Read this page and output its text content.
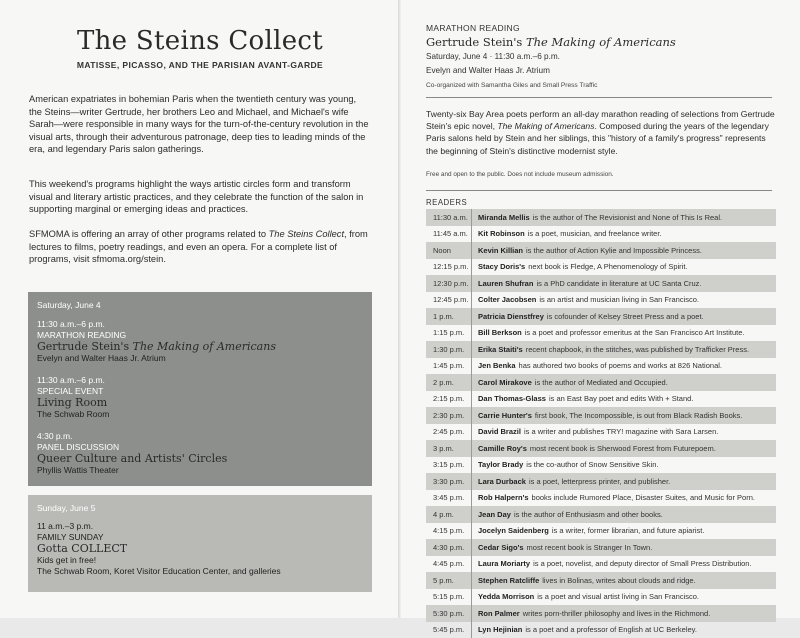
The Steins Collect
MATISSE, PICASSO, AND THE PARISIAN AVANT-GARDE

American expatriates in bohemian Paris when the twentieth century was young, the Steins—writer Gertrude, her brothers Leo and Michael, and Michael's wife Sarah—were responsible in many ways for the turn-of-the-century revolution in the visual arts, through their adventurous patronage, deep ties to leading minds of the era, and legendary Paris salon gatherings.

This weekend's programs highlight the ways artistic circles form and transform visual and literary artistic practices, and they celebrate the function of the salon in supporting marginal or emerging ideas and practices.

SFMOMA is offering an array of other programs related to The Steins Collect, from lectures to films, poetry readings, and even an opera. For a complete list of programs, visit sfmoma.org/stein.

Saturday, June 4
11:30 a.m.–6 p.m.
MARATHON READING
Gertrude Stein's The Making of Americans
Evelyn and Walter Haas Jr. Atrium
11:30 a.m.–6 p.m.
SPECIAL EVENT
Living Room
The Schwab Room
4:30 p.m.
PANEL DISCUSSION
Queer Culture and Artists' Circles
Phyllis Wattis Theater
Sunday, June 5
11 a.m.–3 p.m.
FAMILY SUNDAY
Gotta COLLECT
Kids get in free!
The Schwab Room, Koret Visitor Education Center, and galleries
MARATHON READING
Gertrude Stein's The Making of Americans
Saturday, June 4 · 11:30 a.m.–6 p.m.
Evelyn and Walter Haas Jr. Atrium
Co-organized with Samantha Giles and Small Press Traffic

Twenty-six Bay Area poets perform an all-day marathon reading of selections from Gertrude Stein's epic novel, The Making of Americans. Composed during the years of the legendary Paris salons held by Stein and her siblings, this "history of a family's progress" represents the beginning of Stein's distinctive modernist style.

Free and open to the public. Does not include museum admission.
READERS
11:30 a.m.	Miranda Mellis is the author of The Revisionist and None of This Is Real.
11:45 a.m.	Kit Robinson is a poet, musician, and freelance writer.
Noon	Kevin Killian is the author of Action Kylie and Impossible Princess.
12:15 p.m.	Stacy Doris's next book is Fledge, A Phenomenology of Spirit.
12:30 p.m.	Lauren Shufran is a PhD candidate in literature at UC Santa Cruz.
12:45 p.m.	Colter Jacobsen is an artist and musician living in San Francisco.
1 p.m.	Patricia Dienstfrey is cofounder of Kelsey Street Press and a poet.
1:15 p.m.	Bill Berkson is a poet and professor emeritus at the San Francisco Art Institute.
1:30 p.m.	Erika Staiti's recent chapbook, in the stitches, was published by Trafficker Press.
1:45 p.m.	Jen Benka has authored two books of poems and works at 826 National.
2 p.m.	Carol Mirakove is the author of Mediated and Occupied.
2:15 p.m.	Dan Thomas-Glass is an East Bay poet and edits With + Stand.
2:30 p.m.	Carrie Hunter's first book, The Incompossible, is out from Black Radish Books.
2:45 p.m.	David Brazil is a writer and publishes TRY! magazine with Sara Larsen.
3 p.m.	Camille Roy's most recent book is Sherwood Forest from Futurepoem.
3:15 p.m.	Taylor Brady is the co-author of Snow Sensitive Skin.
3:30 p.m.	Lara Durback is a poet, letterpress printer, and publisher.
3:45 p.m.	Rob Halpern's books include Rumored Place, Disaster Suites, and Music for Porn.
4 p.m.	Jean Day is the author of Enthusiasm and other books.
4:15 p.m.	Jocelyn Saidenberg is a writer, former librarian, and future apiarist.
4:30 p.m.	Cedar Sigo's most recent book is Stranger In Town.
4:45 p.m.	Laura Moriarty is a poet, novelist, and deputy director of Small Press Distribution.
5 p.m.	Stephen Ratcliffe lives in Bolinas, writes about clouds and ridge.
5:15 p.m.	Yedda Morrison is a poet and visual artist living in San Francisco.
5:30 p.m.	Ron Palmer writes porn-thriller philosophy and lives in the Richmond.
5:45 p.m.	Lyn Hejinian is a poet and a professor of English at UC Berkeley.
